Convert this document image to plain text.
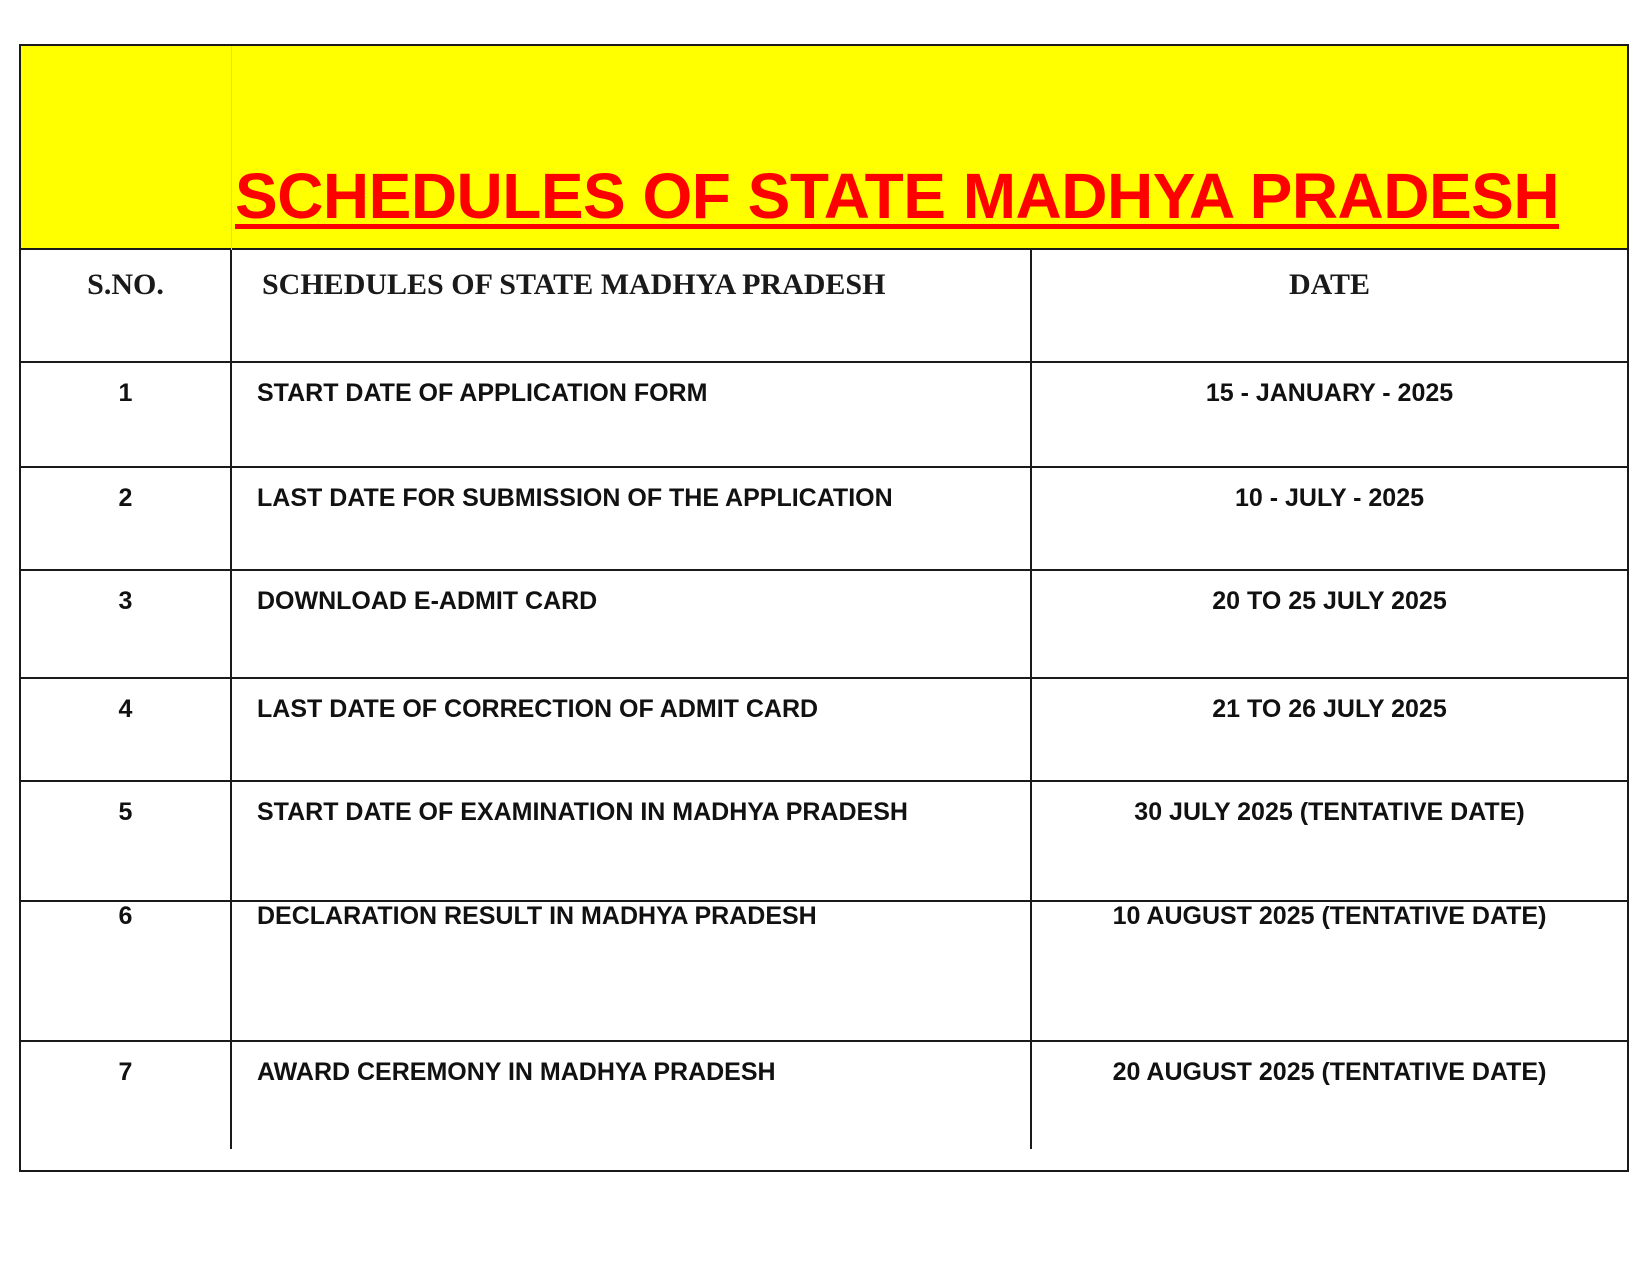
SCHEDULES OF STATE MADHYA PRADESH
S.NO.	SCHEDULES OF STATE MADHYA PRADESH	DATE
1	START DATE OF APPLICATION FORM	15 - JANUARY - 2025
2	LAST DATE FOR SUBMISSION OF THE APPLICATION	10 - JULY - 2025
3	DOWNLOAD E-ADMIT CARD	20 TO 25 JULY 2025
4	LAST DATE OF CORRECTION OF ADMIT CARD	21 TO 26 JULY 2025
5	START DATE OF EXAMINATION IN MADHYA PRADESH	30 JULY 2025 (TENTATIVE DATE)
6	DECLARATION RESULT IN MADHYA PRADESH	10 AUGUST 2025 (TENTATIVE DATE)
7	AWARD CEREMONY IN MADHYA PRADESH	20 AUGUST 2025 (TENTATIVE DATE)
